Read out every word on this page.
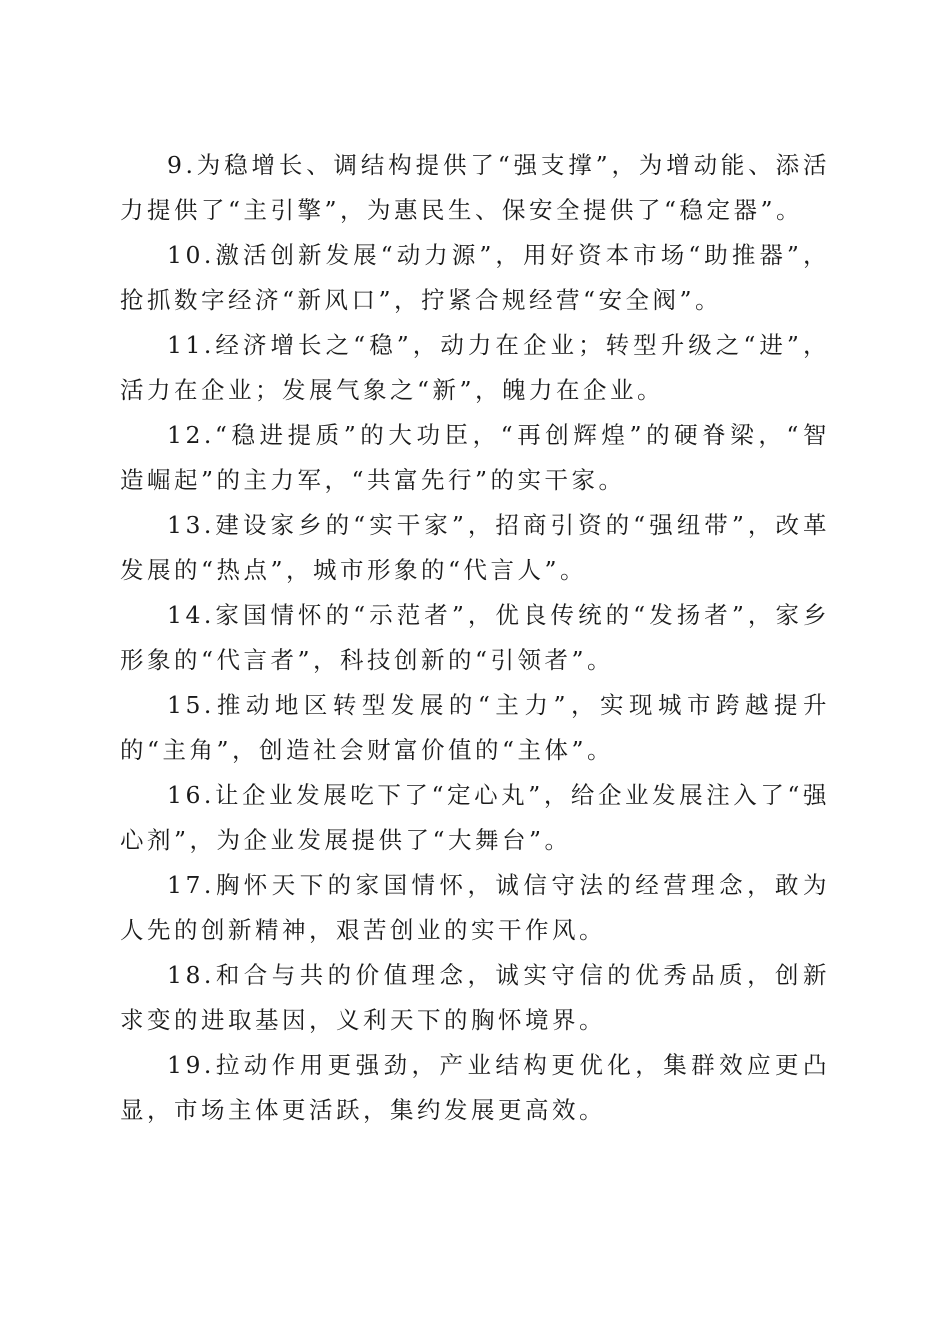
9.为稳增长、调结构提供了“强支撑”，为增动能、添活力提供了“主引擎”，为惠民生、保安全提供了“稳定器”。

10.激活创新发展“动力源”，用好资本市场“助推器”，抢抓数字经济“新风口”，拧紧合规经营“安全阀”。

11.经济增长之“稳”，动力在企业；转型升级之“进”，活力在企业；发展气象之“新”，魄力在企业。

12.“稳进提质”的大功臣，“再创辉煌”的硬脊梁，“智造崛起”的主力军，“共富先行”的实干家。

13.建设家乡的“实干家”，招商引资的“强纽带”，改革发展的“热点”，城市形象的“代言人”。

14.家国情怀的“示范者”，优良传统的“发扬者”，家乡形象的“代言者”，科技创新的“引领者”。

15.推动地区转型发展的“主力”，实现城市跨越提升的“主角”，创造社会财富价值的“主体”。

16.让企业发展吃下了“定心丸”，给企业发展注入了“强心剂”，为企业发展提供了“大舞台”。

17.胸怀天下的家国情怀，诚信守法的经营理念，敢为人先的创新精神，艰苦创业的实干作风。

18.和合与共的价值理念，诚实守信的优秀品质，创新求变的进取基因，义利天下的胸怀境界。

19.拉动作用更强劲，产业结构更优化，集群效应更凸显，市场主体更活跃，集约发展更高效。
